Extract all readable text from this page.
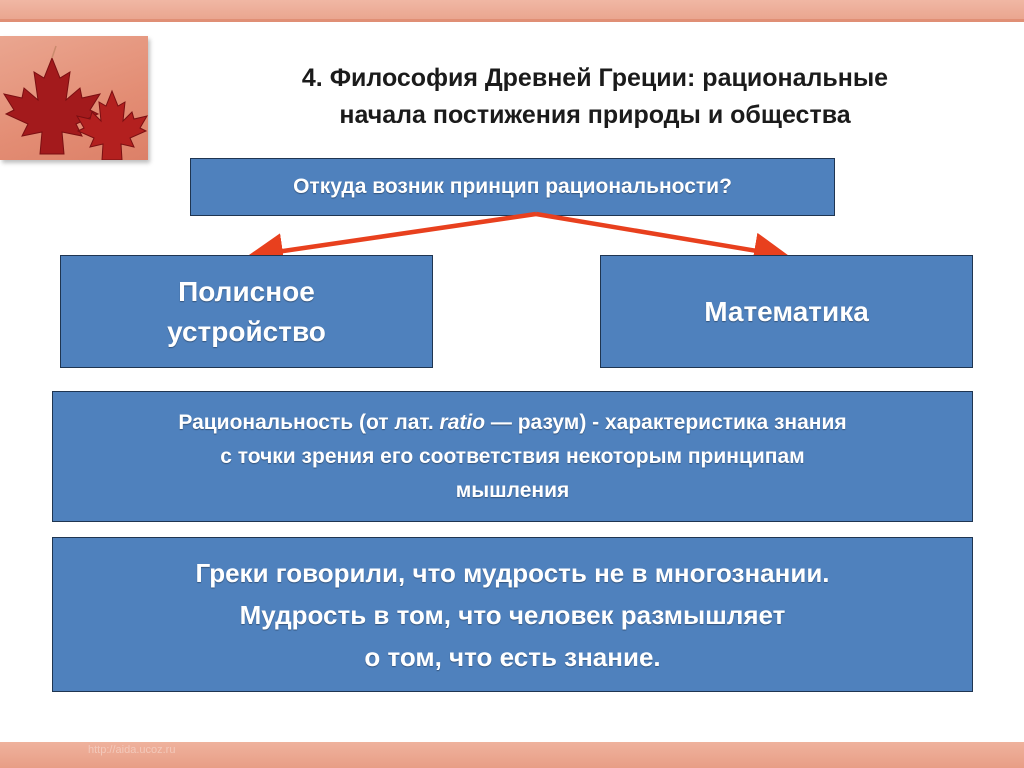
4. Философия Древней Греции: рациональные
начала постижения природы и общества
Откуда возник принцип рациональности?
Полисное
устройство
Математика
Рациональность (от лат. ratio — разум) - характеристика знания
с точки зрения его соответствия некоторым принципам
мышления
Греки говорили, что мудрость не в многознании.
Мудрость в том, что человек размышляет
о том, что есть знание.
http://aida.ucoz.ru
